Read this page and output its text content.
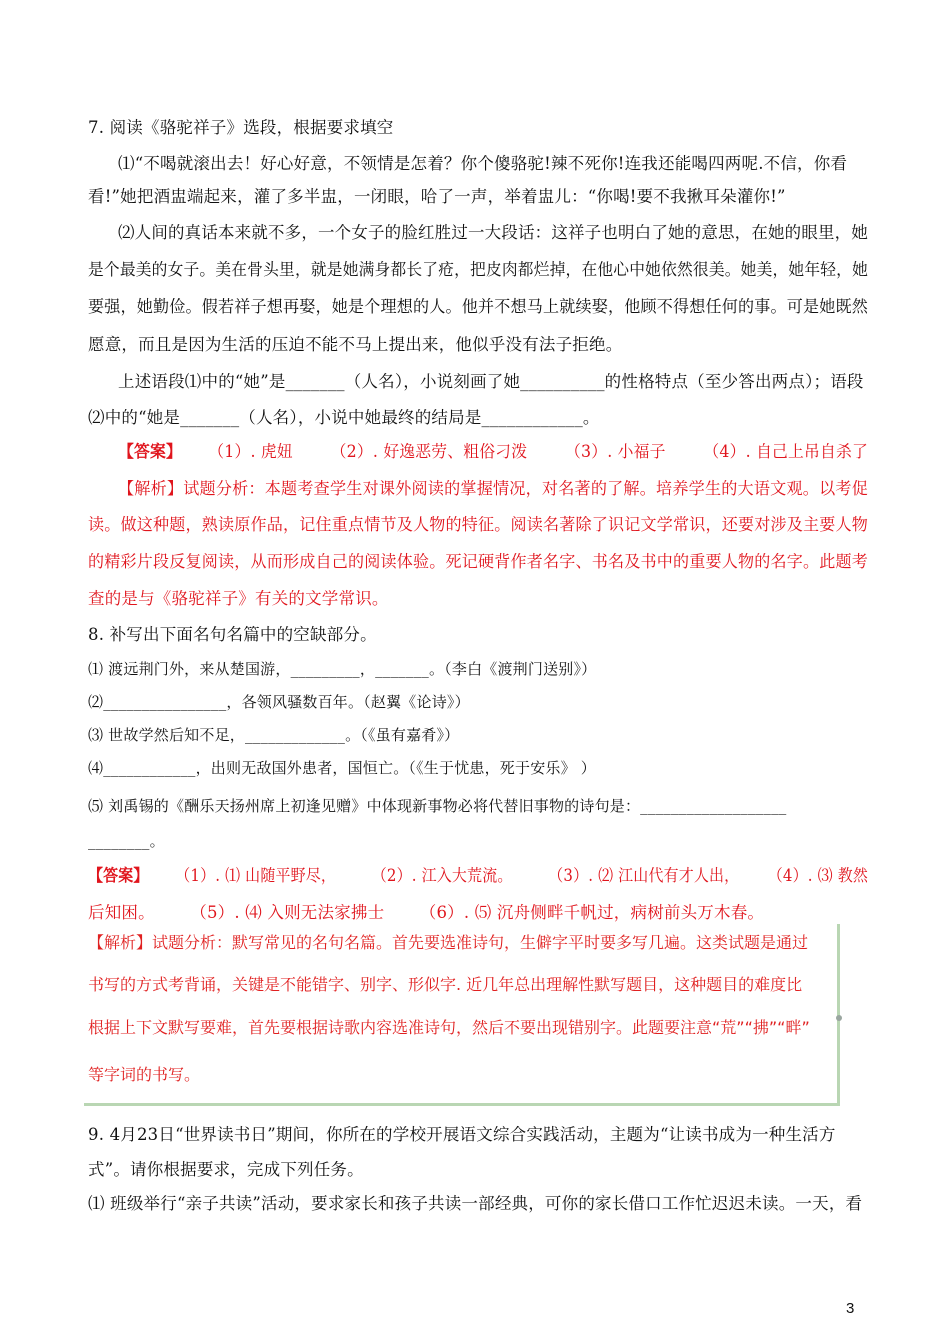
7. 阅读《骆驼祥子》选段，根据要求填空
⑴“不喝就滚出去！好心好意，不领情是怎着？你个傻骆驼!辣不死你!连我还能喝四两呢.不信，你看
看!”她把酒盅端起来，灌了多半盅，一闭眼，哈了一声，举着盅儿：“你喝!要不我揪耳朵灌你!”
⑵人间的真话本来就不多，一个女子的脸红胜过一大段话：这祥子也明白了她的意思，在她的眼里，她
是个最美的女子。美在骨头里，就是她满身都长了疮，把皮肉都烂掉，在他心中她依然很美。她美，她年轻，她
要强，她勤俭。假若祥子想再娶，她是个理想的人。他并不想马上就续娶，他顾不得想任何的事。可是她既然
愿意，而且是因为生活的压迫不能不马上提出来，他似乎没有法子拒绝。
上述语段⑴中的“她”是_______（人名），小说刻画了她__________的性格特点（至少答出两点）；语段
⑵中的“她是_______（人名），小说中她最终的结局是____________。
【答案】 （1）. 虎妞 （2）. 好逸恶劳、粗俗刁泼 （3）. 小福子 （4）. 自己上吊自杀了
【解析】试题分析：本题考查学生对课外阅读的掌握情况，对名著的了解。培养学生的大语文观。以考促
读。做这种题，熟读原作品，记住重点情节及人物的特征。阅读名著除了识记文学常识，还要对涉及主要人物
的精彩片段反复阅读，从而形成自己的阅读体验。死记硬背作者名字、书名及书中的重要人物的名字。此题考
查的是与《骆驼祥子》有关的文学常识。
8. 补写出下面名句名篇中的空缺部分。
⑴ 渡远荆门外，来从楚国游，_________，_______。（李白《渡荆门送别》）
⑵________________，各领风骚数百年。（赵翼《论诗》）
⑶ 世故学然后知不足，_____________。（《虽有嘉肴》）
⑷____________，出则无敌国外患者，国恒亡。（《生于忧患，死于安乐》 ）
⑸ 刘禹锡的《酬乐天扬州席上初逢见赠》中体现新事物必将代替旧事物的诗句是：___________________
________。
【答案】 （1）. ⑴ 山随平野尽， （2）. 江入大荒流。 （3）. ⑵ 江山代有才人出， （4）. ⑶ 教然
后知困。 （5）. ⑷ 入则无法家拂士 （6）. ⑸ 沉舟侧畔千帆过，病树前头万木春。
【解析】试题分析：默写常见的名句名篇。首先要选准诗句，生僻字平时要多写几遍。这类试题是通过
书写的方式考背诵，关键是不能错字、别字、形似字. 近几年总出理解性默写题目，这种题目的难度比
根据上下文默写要难，首先要根据诗歌内容选准诗句，然后不要出现错别字。此题要注意“荒”“拂”“畔”
等字词的书写。
9. 4月23日“世界读书日”期间，你所在的学校开展语文综合实践活动，主题为“让读书成为一种生活方
式”。请你根据要求，完成下列任务。
⑴ 班级举行“亲子共读”活动，要求家长和孩子共读一部经典，可你的家长借口工作忙迟迟未读。一天，看
3
